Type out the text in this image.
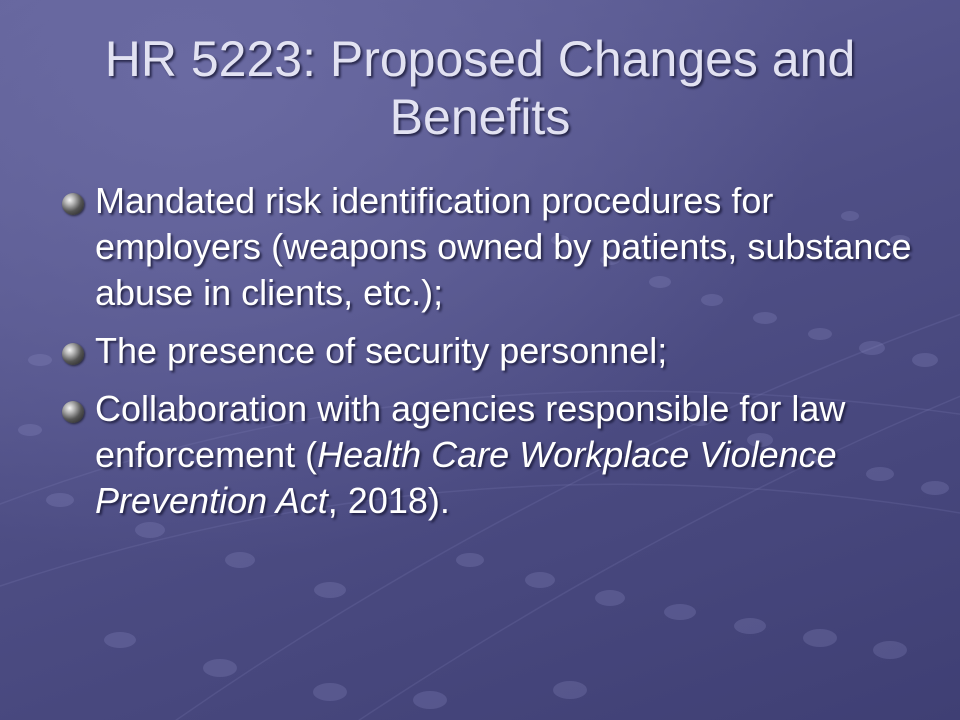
HR 5223: Proposed Changes and Benefits
Mandated risk identification procedures for employers (weapons owned by patients, substance abuse in clients, etc.);
The presence of security personnel;
Collaboration with agencies responsible for law enforcement (Health Care Workplace Violence Prevention Act, 2018).
